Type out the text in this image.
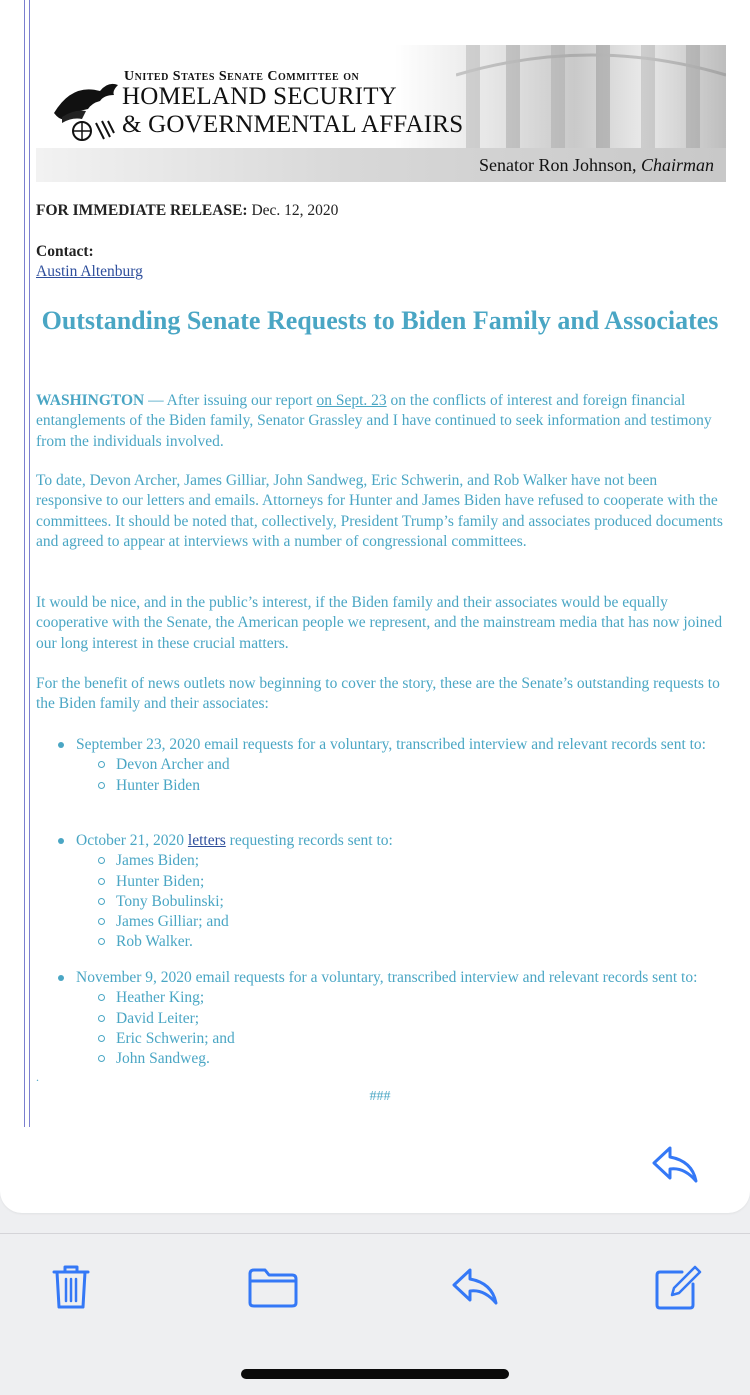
United States Senate Committee on
HOMELAND SECURITY
& GOVERNMENTAL AFFAIRS
Senator Ron Johnson, Chairman
FOR IMMEDIATE RELEASE: Dec. 12, 2020
Contact:
Austin Altenburg
Outstanding Senate Requests to Biden Family and Associates
WASHINGTON — After issuing our report on Sept. 23 on the conflicts of interest and foreign financial entanglements of the Biden family, Senator Grassley and I have continued to seek information and testimony from the individuals involved.
To date, Devon Archer, James Gilliar, John Sandweg, Eric Schwerin, and Rob Walker have not been responsive to our letters and emails. Attorneys for Hunter and James Biden have refused to cooperate with the committees. It should be noted that, collectively, President Trump’s family and associates produced documents and agreed to appear at interviews with a number of congressional committees.
It would be nice, and in the public’s interest, if the Biden family and their associates would be equally cooperative with the Senate, the American people we represent, and the mainstream media that has now joined our long interest in these crucial matters.
For the benefit of news outlets now beginning to cover the story, these are the Senate’s outstanding requests to the Biden family and their associates:
September 23, 2020 email requests for a voluntary, transcribed interview and relevant records sent to:
Devon Archer and
Hunter Biden
October 21, 2020 letters requesting records sent to:
James Biden;
Hunter Biden;
Tony Bobulinski;
James Gilliar; and
Rob Walker.
November 9, 2020 email requests for a voluntary, transcribed interview and relevant records sent to:
Heather King;
David Leiter;
Eric Schwerin; and
John Sandweg.
.
###
